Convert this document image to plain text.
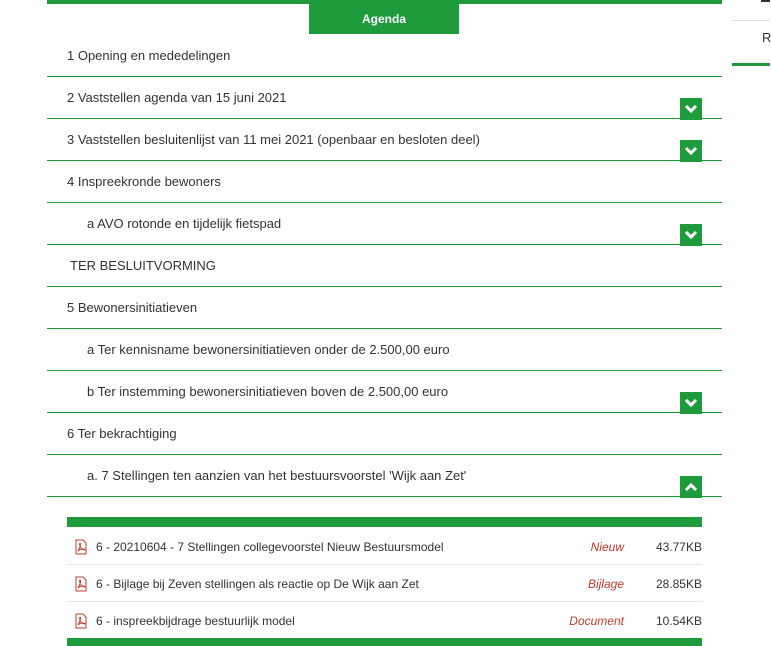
Agenda
R
1 Opening en mededelingen
2 Vaststellen agenda van 15 juni 2021
3 Vaststellen besluitenlijst van 11 mei 2021 (openbaar en besloten deel)
4 Inspreekronde bewoners
a AVO rotonde en tijdelijk fietspad
TER BESLUITVORMING
5 Bewonersinitiatieven
a Ter kennisname bewonersinitiatieven onder de 2.500,00 euro
b Ter instemming bewonersinitiatieven boven de 2.500,00 euro
6 Ter bekrachtiging
a. 7 Stellingen ten aanzien van het bestuursvoorstel 'Wijk aan Zet'
6 - 20210604 - 7 Stellingen collegevoorstel Nieuw Bestuursmodel	Nieuw	43.77KB
6 - Bijlage bij Zeven stellingen als reactie op De Wijk aan Zet	Bijlage	28.85KB
6 - inspreekbijdrage bestuurlijk model	Document	10.54KB
